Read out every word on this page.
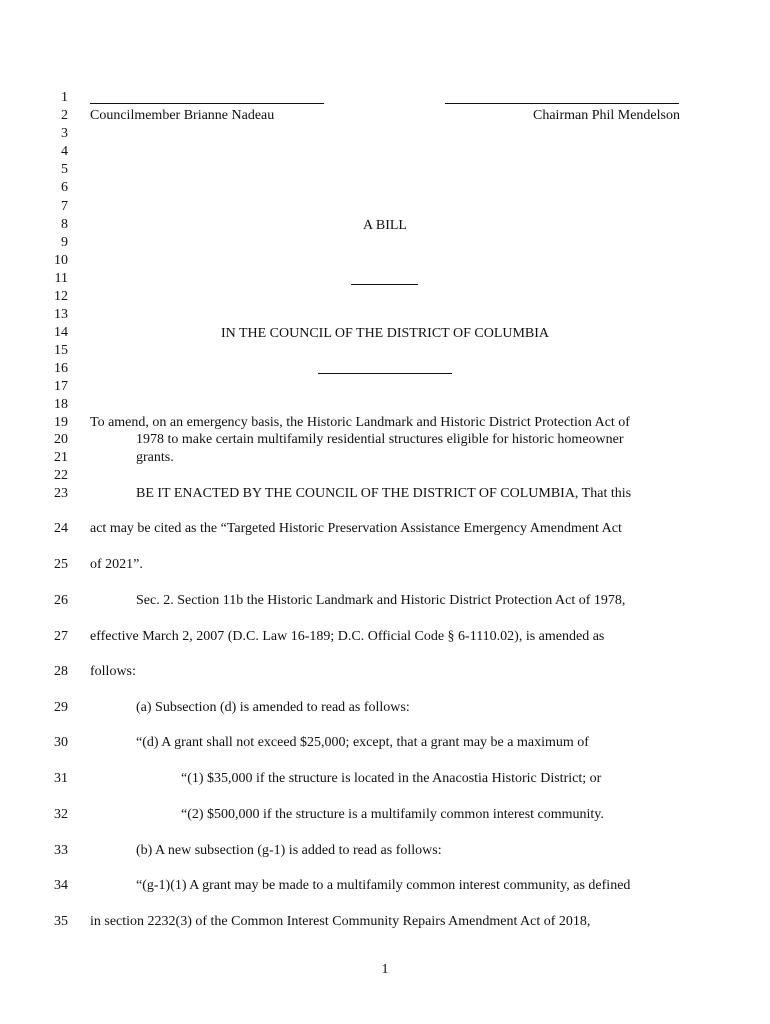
1
2
3
4
5
6
7
8
9
10
11
12
13
14
15
16
17
18
19
20
21
22
23
24
25
26
27
28
29
30
31
32
33
34
35
Councilmember Brianne Nadeau	Chairman Phil Mendelson
A BILL
IN THE COUNCIL OF THE DISTRICT OF COLUMBIA
To amend, on an emergency basis, the Historic Landmark and Historic District Protection Act of
1978 to make certain multifamily residential structures eligible for historic homeowner
grants.
BE IT ENACTED BY THE COUNCIL OF THE DISTRICT OF COLUMBIA, That this
act may be cited as the “Targeted Historic Preservation Assistance Emergency Amendment Act
of 2021”.
Sec. 2. Section 11b the Historic Landmark and Historic District Protection Act of 1978,
effective March 2, 2007 (D.C. Law 16-189; D.C. Official Code § 6-1110.02), is amended as
follows:
(a) Subsection (d) is amended to read as follows:
“(d) A grant shall not exceed $25,000; except, that a grant may be a maximum of
“(1) $35,000 if the structure is located in the Anacostia Historic District; or
“(2) $500,000 if the structure is a multifamily common interest community.
(b) A new subsection (g-1) is added to read as follows:
“(g-1)(1) A grant may be made to a multifamily common interest community, as defined
in section 2232(3) of the Common Interest Community Repairs Amendment Act of 2018,
1
